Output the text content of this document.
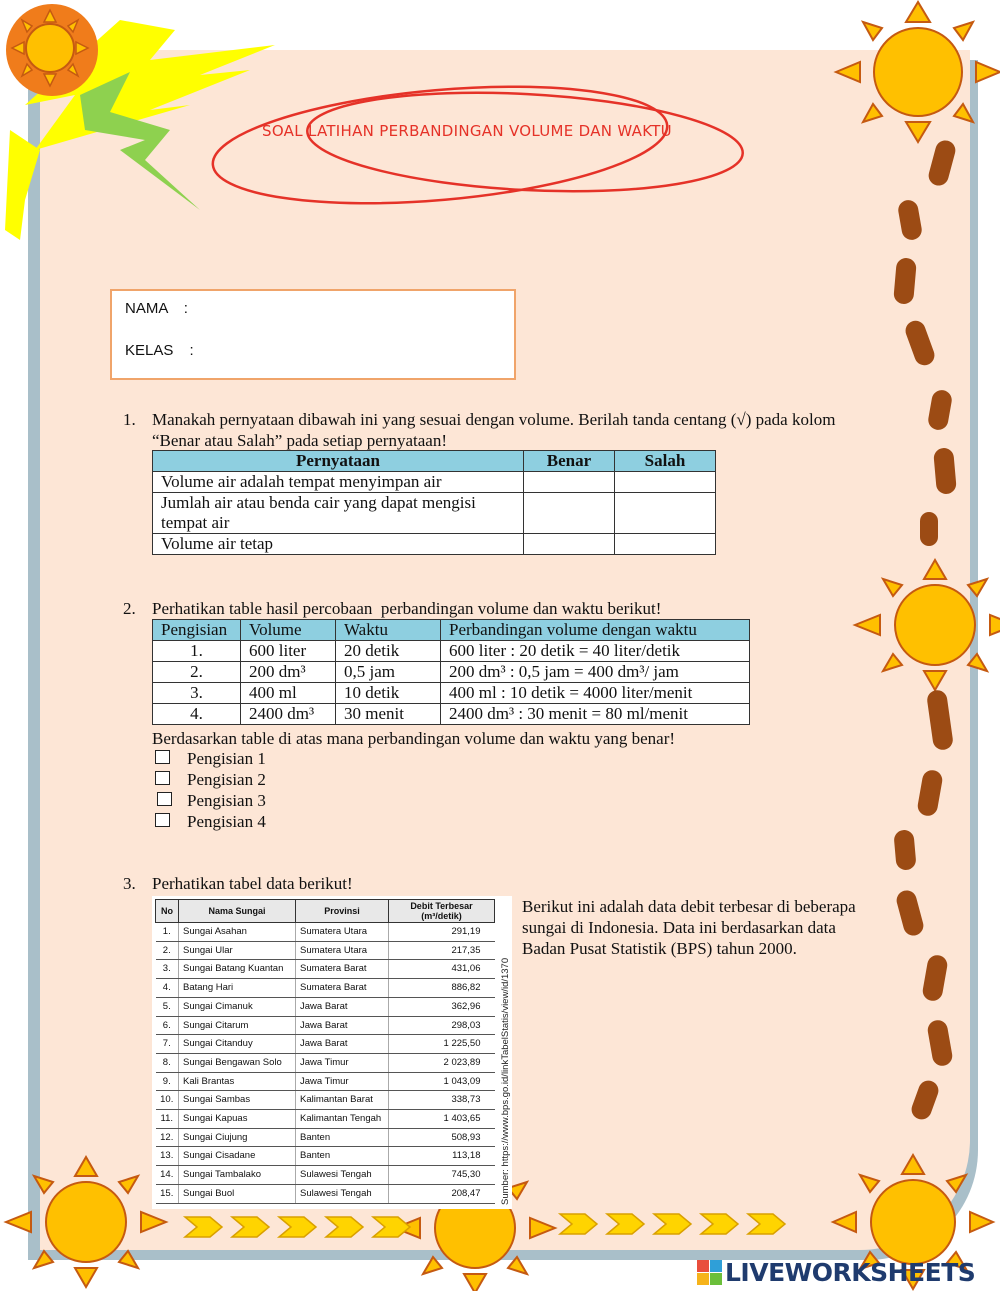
SOAL LATIHAN PERBANDINGAN VOLUME DAN WAKTU
NAMA :
KELAS :
1. Manakah pernyataan dibawah ini yang sesuai dengan volume. Berilah tanda centang (√) pada kolom
“Benar atau Salah” pada setiap pernyataan!
Pernyataan	Benar	Salah
Volume air adalah tempat menyimpan air		
Jumlah air atau benda cair yang dapat mengisi tempat air		
Volume air tetap		
2. Perhatikan table hasil percobaan  perbandingan volume dan waktu berikut!
Pengisian	Volume	Waktu	Perbandingan volume dengan waktu
1.	600 liter	20 detik	600 liter : 20 detik = 40 liter/detik
2.	200 dm³	0,5 jam	200 dm³ : 0,5 jam = 400 dm³/ jam
3.	400 ml	10 detik	400 ml : 10 detik = 4000 liter/menit
4.	2400 dm³	30 menit	2400 dm³ : 30 menit = 80 ml/menit
Berdasarkan table di atas mana perbandingan volume dan waktu yang benar!
Pengisian 1
Pengisian 2
Pengisian 3
Pengisian 4
3. Perhatikan tabel data berikut!
No	Nama Sungai	Provinsi	Debit Terbesar (m³/detik)
1.	Sungai Asahan	Sumatera Utara	291,19
2.	Sungai Ular	Sumatera Utara	217,35
3.	Sungai Batang Kuantan	Sumatera Barat	431,06
4.	Batang Hari	Sumatera Barat	886,82
5.	Sungai Cimanuk	Jawa Barat	362,96
6.	Sungai Citarum	Jawa Barat	298,03
7.	Sungai Citanduy	Jawa Barat	1 225,50
8.	Sungai Bengawan Solo	Jawa Timur	2 023,89
9.	Kali Brantas	Jawa Timur	1 043,09
10.	Sungai Sambas	Kalimantan Barat	338,73
11.	Sungai Kapuas	Kalimantan Tengah	1 403,65
12.	Sungai Ciujung	Banten	508,93
13.	Sungai Cisadane	Banten	113,18
14.	Sungai Tambalako	Sulawesi Tengah	745,30
15.	Sungai Buol	Sulawesi Tengah	208,47 Sumber: https://www.bps.go.id/linkTabelStatis/view/id/1370
Berikut ini adalah data debit terbesar di beberapa sungai di Indonesia. Data ini berdasarkan data Badan Pusat Statistik (BPS) tahun 2000.
LIVEWORKSHEETS
